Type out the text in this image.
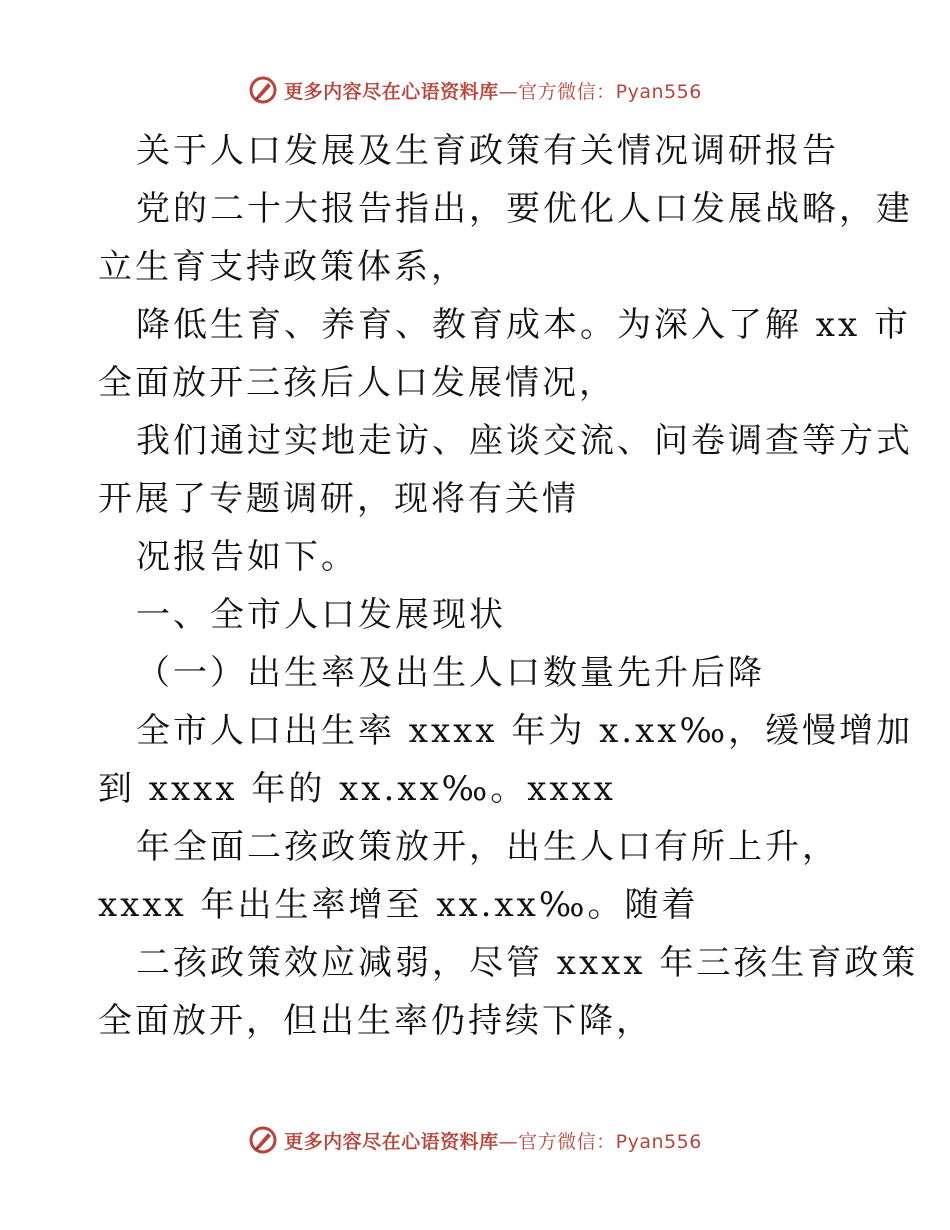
更多内容尽在心语资料库—官方微信：Pyan556
关于人口发展及生育政策有关情况调研报告
党的二十大报告指出，要优化人口发展战略，建
立生育支持政策体系，
降低生育、养育、教育成本。为深入了解 xx 市
全面放开三孩后人口发展情况，
我们通过实地走访、座谈交流、问卷调查等方式
开展了专题调研，现将有关情
况报告如下。
一、全市人口发展现状
（一）出生率及出生人口数量先升后降
全市人口出生率 xxxx 年为 x.xx‰，缓慢增加
到 xxxx 年的 xx.xx‰。xxxx
年全面二孩政策放开，出生人口有所上升，
xxxx 年出生率增至 xx.xx‰。随着
二孩政策效应减弱，尽管 xxxx 年三孩生育政策
全面放开，但出生率仍持续下降，
更多内容尽在心语资料库—官方微信：Pyan556
